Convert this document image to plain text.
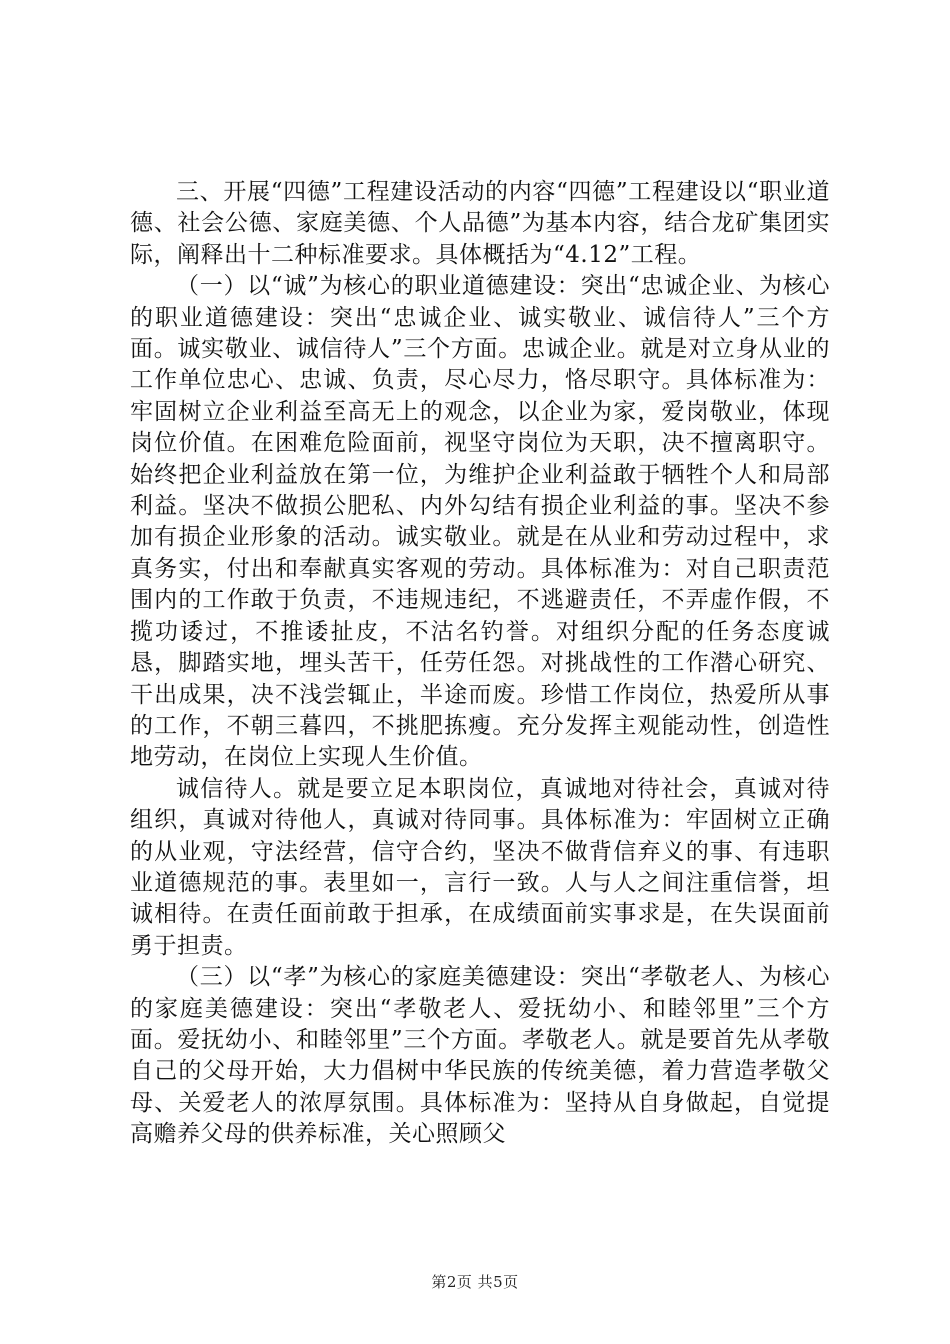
三、开展“四德”工程建设活动的内容“四德”工程建设以“职业道德、社会公德、家庭美德、个人品德”为基本内容，结合龙矿集团实际，阐释出十二种标准要求。具体概括为“4.12”工程。

（一）以“诚”为核心的职业道德建设：突出“忠诚企业、为核心的职业道德建设：突出“忠诚企业、诚实敬业、诚信待人”三个方面。诚实敬业、诚信待人”三个方面。忠诚企业。就是对立身从业的工作单位忠心、忠诚、负责，尽心尽力，恪尽职守。具体标准为：牢固树立企业利益至高无上的观念，以企业为家，爱岗敬业，体现岗位价值。在困难危险面前，视坚守岗位为天职，决不擅离职守。始终把企业利益放在第一位，为维护企业利益敢于牺牲个人和局部利益。坚决不做损公肥私、内外勾结有损企业利益的事。坚决不参加有损企业形象的活动。诚实敬业。就是在从业和劳动过程中，求真务实，付出和奉献真实客观的劳动。具体标准为：对自己职责范围内的工作敢于负责，不违规违纪，不逃避责任，不弄虚作假，不揽功诿过，不推诿扯皮，不沽名钓誉。对组织分配的任务态度诚恳，脚踏实地，埋头苦干，任劳任怨。对挑战性的工作潜心研究、干出成果，决不浅尝辄止，半途而废。珍惜工作岗位，热爱所从事的工作，不朝三暮四，不挑肥拣瘦。充分发挥主观能动性，创造性地劳动，在岗位上实现人生价值。

诚信待人。就是要立足本职岗位，真诚地对待社会，真诚对待组织，真诚对待他人，真诚对待同事。具体标准为：牢固树立正确的从业观，守法经营，信守合约，坚决不做背信弃义的事、有违职业道德规范的事。表里如一，言行一致。人与人之间注重信誉，坦诚相待。在责任面前敢于担承，在成绩面前实事求是，在失误面前勇于担责。

（三）以“孝”为核心的家庭美德建设：突出“孝敬老人、为核心的家庭美德建设：突出“孝敬老人、爱抚幼小、和睦邻里”三个方面。爱抚幼小、和睦邻里”三个方面。孝敬老人。就是要首先从孝敬自己的父母开始，大力倡树中华民族的传统美德，着力营造孝敬父母、关爱老人的浓厚氛围。具体标准为：坚持从自身做起，自觉提高赡养父母的供养标准，关心照顾父

第2页 共5页
